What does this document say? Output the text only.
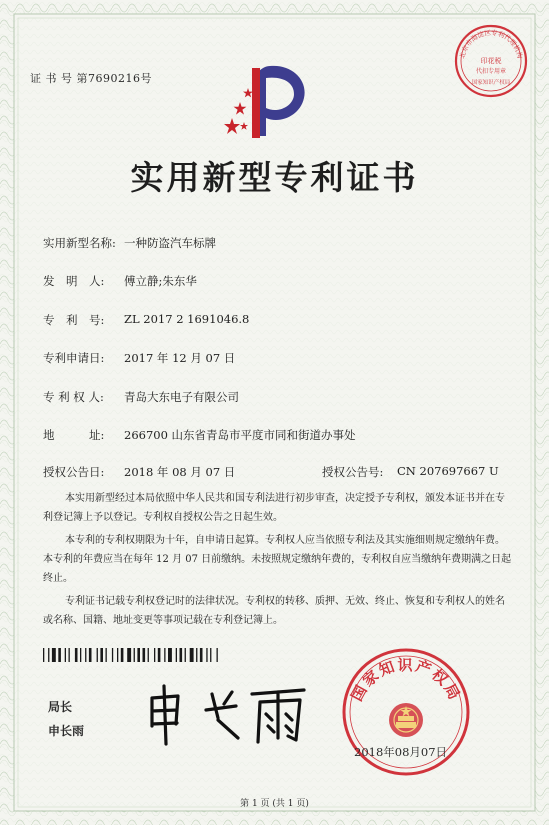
证 书 号 第7690216号
北京市海淀区专利代理机构
印花税
代扣专用章
国家知识产权局
实用新型专利证书
实用新型名称: 一种防盗汽车标牌
发　明　人: 傅立静;朱东华
专　利　号: ZL 2017 2 1691046.8
专利申请日: 2017 年 12 月 07 日
专 利 权 人: 青岛大东电子有限公司
地　　　址: 266700 山东省青岛市平度市同和街道办事处
授权公告日: 2018 年 08 月 07 日	授权公告号: CN 207697667 U
本实用新型经过本局依照中华人民共和国专利法进行初步审查，决定授予专利权，颁发本证书并在专利登记簿上予以登记。专利权自授权公告之日起生效。
本专利的专利权期限为十年，自申请日起算。专利权人应当依照专利法及其实施细则规定缴纳年费。本专利的年费应当在每年 12 月 07 日前缴纳。未按照规定缴纳年费的，专利权自应当缴纳年费期满之日起终止。
专利证书记载专利权登记时的法律状况。专利权的转移、质押、无效、终止、恢复和专利权人的姓名或名称、国籍、地址变更等事项记载在专利登记簿上。
局长
申长雨
国家知识产权局
2018年08月07日
第 1 页 (共 1 页)
